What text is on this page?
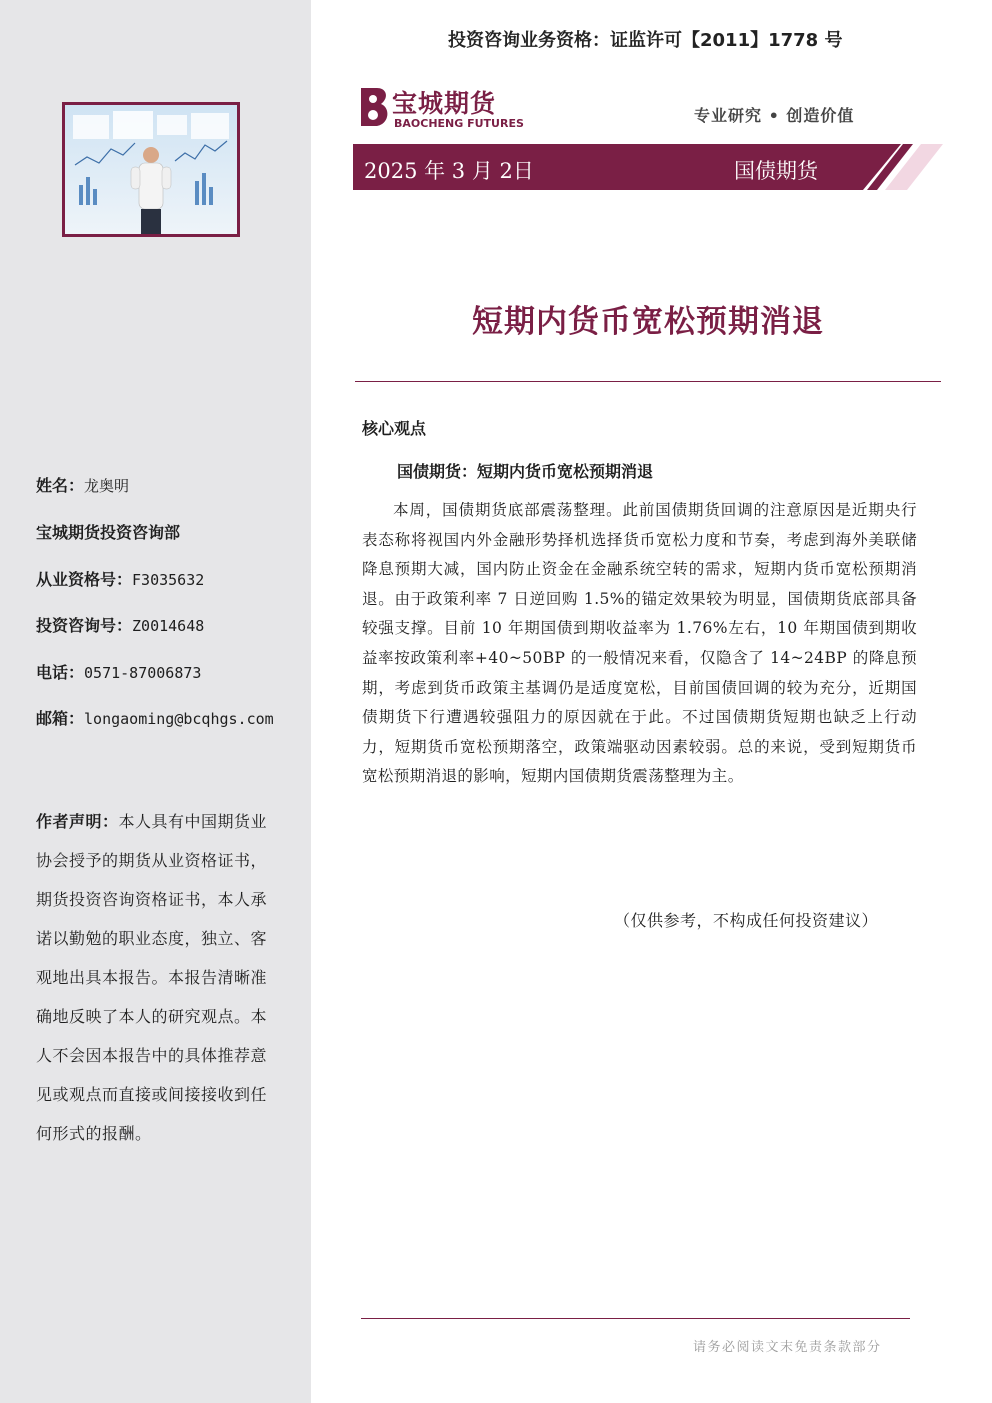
姓名：龙奥明
宝城期货投资咨询部
从业资格号：F3035632
投资咨询号：Z0014648
电话：0571-87006873
邮箱：longaoming@bcqhgs.com
作者声明：本人具有中国期货业协会授予的期货从业资格证书，期货投资咨询资格证书，本人承诺以勤勉的职业态度，独立、客观地出具本报告。本报告清晰准确地反映了本人的研究观点。本人不会因本报告中的具体推荐意见或观点而直接或间接接收到任何形式的报酬。
投资咨询业务资格：证监许可【2011】1778 号
宝城期货
BAOCHENG FUTURES	专业研究 • 创造价值
2025 年 3 月 2日	国债期货
短期内货币宽松预期消退
核心观点
国债期货：短期内货币宽松预期消退
本周，国债期货底部震荡整理。此前国债期货回调的注意原因是近期央行表态称将视国内外金融形势择机选择货币宽松力度和节奏，考虑到海外美联储降息预期大减，国内防止资金在金融系统空转的需求，短期内货币宽松预期消退。由于政策利率 7 日逆回购 1.5%的锚定效果较为明显，国债期货底部具备较强支撑。目前 10 年期国债到期收益率为 1.76%左右，10 年期国债到期收益率按政策利率+40~50BP 的一般情况来看，仅隐含了 14~24BP 的降息预期，考虑到货币政策主基调仍是适度宽松，目前国债回调的较为充分，近期国债期货下行遭遇较强阻力的原因就在于此。不过国债期货短期也缺乏上行动力，短期货币宽松预期落空，政策端驱动因素较弱。总的来说，受到短期货币宽松预期消退的影响，短期内国债期货震荡整理为主。
（仅供参考，不构成任何投资建议）
请务必阅读文末免责条款部分
